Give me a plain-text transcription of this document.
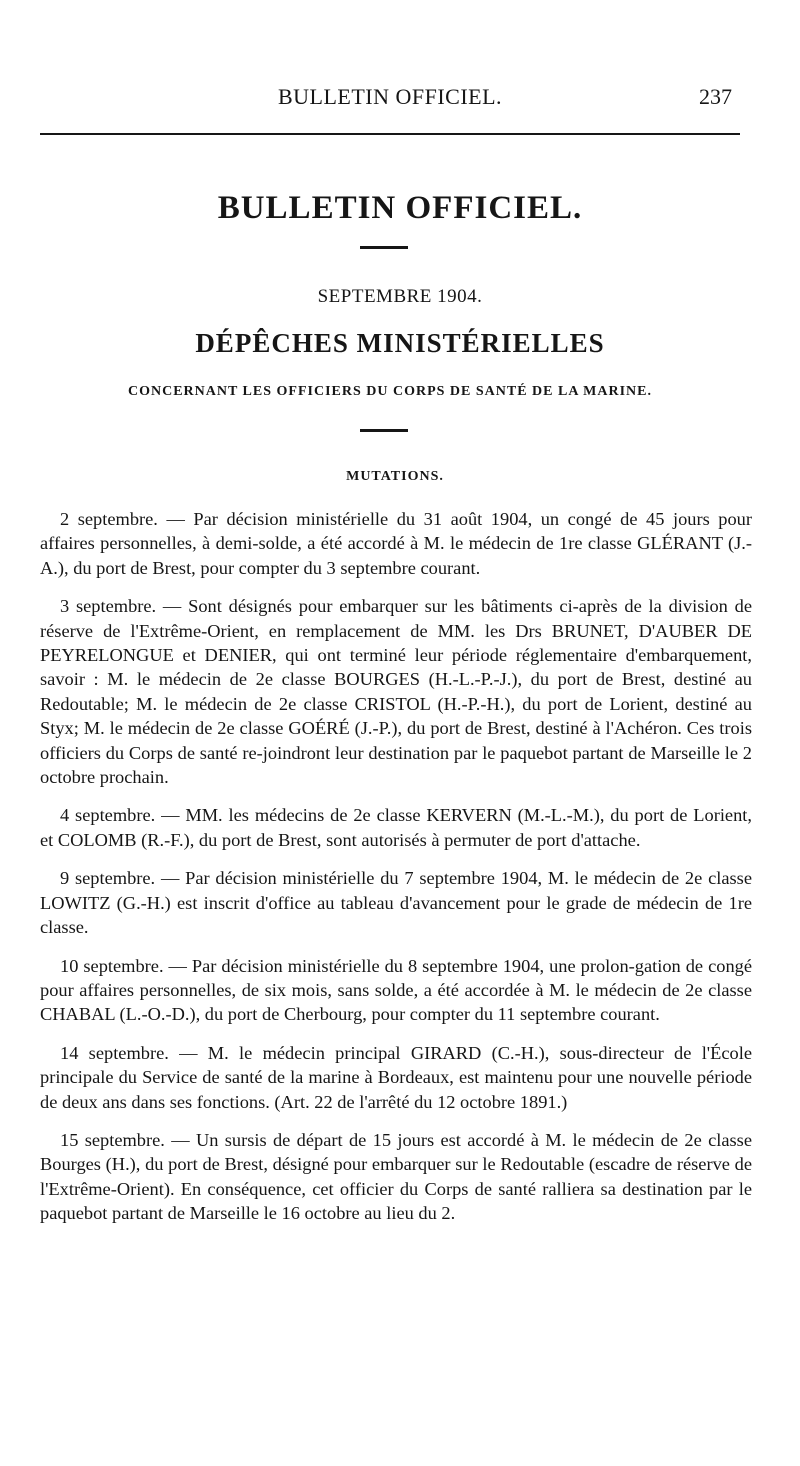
BULLETIN OFFICIEL.	237
BULLETIN OFFICIEL.
SEPTEMBRE 1904.
DÉPÊCHES MINISTÉRIELLES
CONCERNANT LES OFFICIERS DU CORPS DE SANTÉ DE LA MARINE.
MUTATIONS.

2 septembre. — Par décision ministérielle du 31 août 1904, un congé de 45 jours pour affaires personnelles, à demi-solde, a été accordé à M. le médecin de 1re classe GLÉRANT (J.-A.), du port de Brest, pour compter du 3 septembre courant.

3 septembre. — Sont désignés pour embarquer sur les bâtiments ci-après de la division de réserve de l'Extrême-Orient, en remplacement de MM. les Drs BRUNET, D'AUBER DE PEYRELONGUE et DENIER, qui ont terminé leur période réglementaire d'embarquement, savoir : M. le médecin de 2e classe BOURGES (H.-L.-P.-J.), du port de Brest, destiné au Redoutable; M. le médecin de 2e classe CRISTOL (H.-P.-H.), du port de Lorient, destiné au Styx; M. le médecin de 2e classe GOÉRÉ (J.-P.), du port de Brest, destiné à l'Achéron. Ces trois officiers du Corps de santé re-joindront leur destination par le paquebot partant de Marseille le 2 octobre prochain.

4 septembre. — MM. les médecins de 2e classe KERVERN (M.-L.-M.), du port de Lorient, et COLOMB (R.-F.), du port de Brest, sont autorisés à permuter de port d'attache.

9 septembre. — Par décision ministérielle du 7 septembre 1904, M. le médecin de 2e classe LOWITZ (G.-H.) est inscrit d'office au tableau d'avancement pour le grade de médecin de 1re classe.

10 septembre. — Par décision ministérielle du 8 septembre 1904, une prolon-gation de congé pour affaires personnelles, de six mois, sans solde, a été accordée à M. le médecin de 2e classe CHABAL (L.-O.-D.), du port de Cherbourg, pour compter du 11 septembre courant.

14 septembre. — M. le médecin principal GIRARD (C.-H.), sous-directeur de l'École principale du Service de santé de la marine à Bordeaux, est maintenu pour une nouvelle période de deux ans dans ses fonctions. (Art. 22 de l'arrêté du 12 octobre 1891.)

15 septembre. — Un sursis de départ de 15 jours est accordé à M. le médecin de 2e classe Bourges (H.), du port de Brest, désigné pour embarquer sur le Redoutable (escadre de réserve de l'Extrême-Orient). En conséquence, cet officier du Corps de santé ralliera sa destination par le paquebot partant de Marseille le 16 octobre au lieu du 2.
